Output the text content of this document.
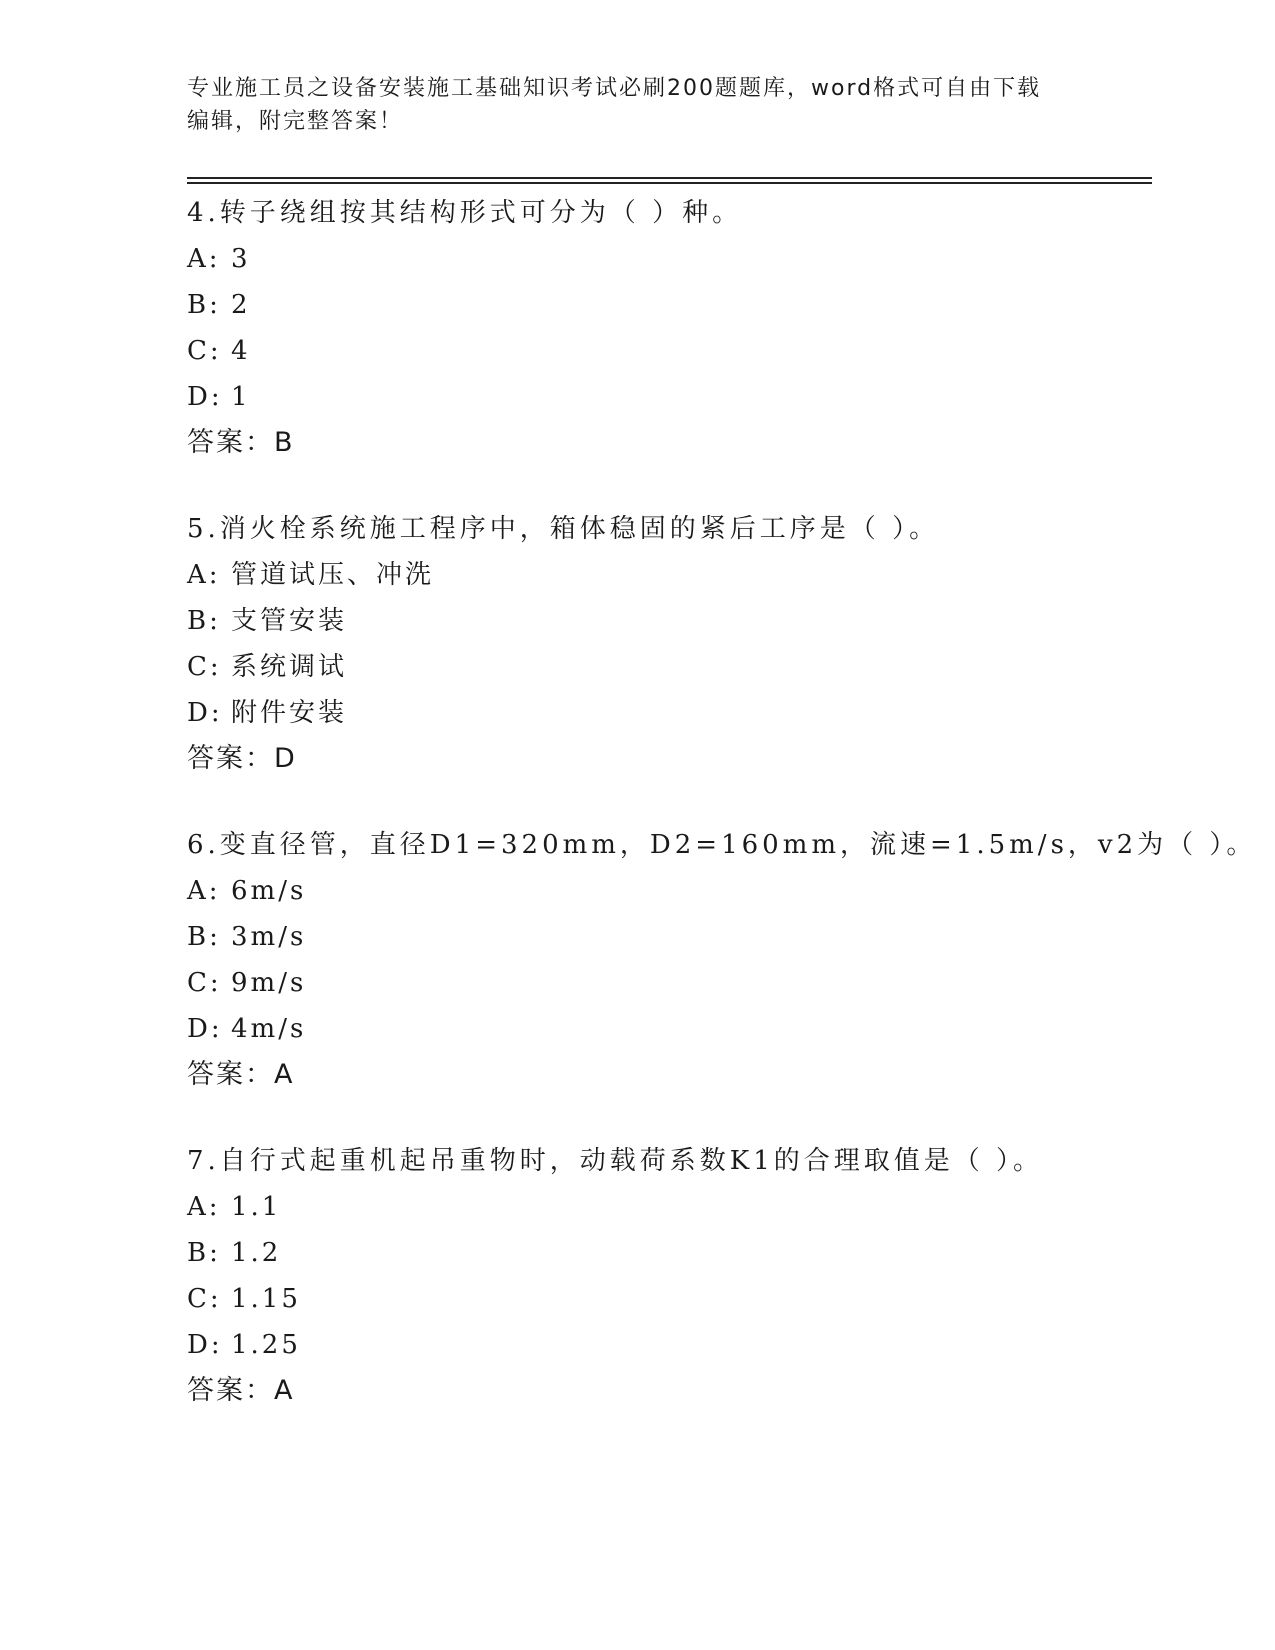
专业施工员之设备安装施工基础知识考试必刷200题题库，word格式可自由下载
编辑，附完整答案！
4.转子绕组按其结构形式可分为（ ）种。
A: 3
B: 2
C: 4
D: 1
答案：B
5.消火栓系统施工程序中，箱体稳固的紧后工序是（ ）。
A: 管道试压、冲洗
B: 支管安装
C: 系统调试
D: 附件安装
答案：D
6.变直径管，直径D1=320mm，D2=160mm，流速=1.5m/s，v2为（ ）。
A: 6m/s
B: 3m/s
C: 9m/s
D: 4m/s
答案：A
7.自行式起重机起吊重物时，动载荷系数K1的合理取值是（ ）。
A: 1.1
B: 1.2
C: 1.15
D: 1.25
答案：A
